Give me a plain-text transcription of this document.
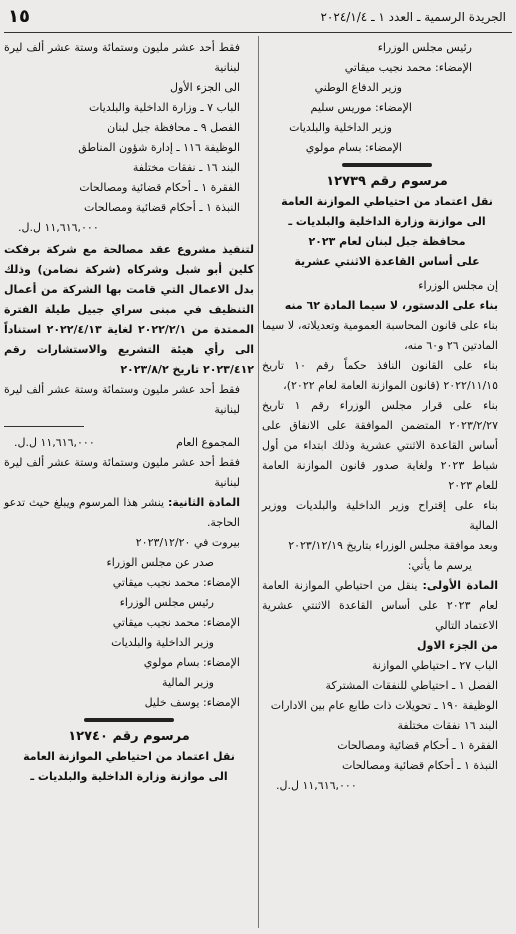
١٥	الجريدة الرسمية ـ العدد ١ ـ ٢٠٢٤/١/٤

رئيس مجلس الوزراء

الإمضاء: محمد نجيب ميقاتي

وزير الدفاع الوطني

الإمضاء: موريس سليم

وزير الداخلية والبلديات

الإمضاء: بسام مولوي

مرسوم رقم ١٢٧٣٩

نقل اعتماد من احتياطي الموازنة العامة

الى موازنة وزارة الداخلية والبلديات ـ

محافظة جبل لبنان لعام ٢٠٢٣

على أساس القاعدة الاثنتي عشرية

إن مجلس الوزراء

بناء على الدستور، لا سيما المادة ٦٢ منه

بناء على قانون المحاسبة العمومية وتعديلاته، لا سيما المادتين ٢٦ و٦٠ منه،

بناء على القانون النافذ حكماً رقم ١٠ تاريخ ٢٠٢٢/١١/١٥ (قانون الموازنة العامة لعام ٢٠٢٢)،

بناء على قرار مجلس الوزراء رقم ١ تاريخ ٢٠٢٣/٢/٢٧ المتضمن الموافقة على الانفاق على أساس القاعدة الاثنتي عشرية وذلك ابتداء من أول شباط ٢٠٢٣ ولغاية صدور قانون الموازنة العامة للعام ٢٠٢٣

بناء على إقتراح وزير الداخلية والبلديات ووزير المالية

وبعد موافقة مجلس الوزراء بتاريخ ٢٠٢٣/١٢/١٩

يرسم ما يأتي:

المادة الأولى: ينقل من احتياطي الموازنة العامة لعام ٢٠٢٣ على أساس القاعدة الاثنتي عشرية الاعتماد التالي

من الجزء الاول

الباب ٢٧ ـ احتياطي الموازنة

الفصل ١ ـ احتياطي للنفقات المشتركة

الوظيفة ١٩٠ ـ تحويلات ذات طابع عام بين الادارات

البند ١٦ نفقات مختلفة

الفقرة ١ ـ أحكام قضائية ومصالحات

النبذة ١ ـ أحكام قضائية ومصالحات

١١,٦١٦,٠٠٠ ل.ل.

فقط أحد عشر مليون وستمائة وستة عشر ألف ليرة لبنانية

الى الجزء الأول

الباب ٧ ـ وزارة الداخلية والبلديات

الفصل ٩ ـ محافظة جبل لبنان

الوظيفة ١١٦ ـ إدارة شؤون المناطق

البند ١٦ ـ نفقات مختلفة

الفقرة ١ ـ أحكام قضائية ومصالحات

النبذة ١ ـ أحكام قضائية ومصالحات

١١,٦١٦,٠٠٠ ل.ل.

لتنفيذ مشروع عقد مصالحة مع شركة برفكت كلين أبو شبل وشركاه (شركة نضامن) وذلك بدل الاعمال التي قامت بها الشركة من أعمال التنظيف في مبنى سراي جبيل طيلة الفترة الممتدة من ٢٠٢٢/٢/١ لغاية ٢٠٢٢/٤/١٣ استناداً الى رأي هيئة التشريع والاستشارات رقم ٢٠٢٣/٤١٢ تاريخ ٢٠٢٣/٨/٢

فقط أحد عشر مليون وستمائة وستة عشر ألف ليرة لبنانية

المجموع العام
١١,٦١٦,٠٠٠ ل.ل.

فقط أحد عشر مليون وستمائة وستة عشر ألف ليرة لبنانية

المادة الثانية: ينشر هذا المرسوم ويبلغ حيث تدعو الحاجة.

بيروت في ٢٠٢٣/١٢/٢٠

صدر عن مجلس الوزراء

الإمضاء: محمد نجيب ميقاتي

رئيس مجلس الوزراء

الإمضاء: محمد نجيب ميقاتي

وزير الداخلية والبلديات

الإمضاء: بسام مولوي

وزير المالية

الإمضاء: يوسف خليل

مرسوم رقم ١٢٧٤٠

نقل اعتماد من احتياطي الموازنة العامة

الى موازنة وزارة الداخلية والبلديات ـ
